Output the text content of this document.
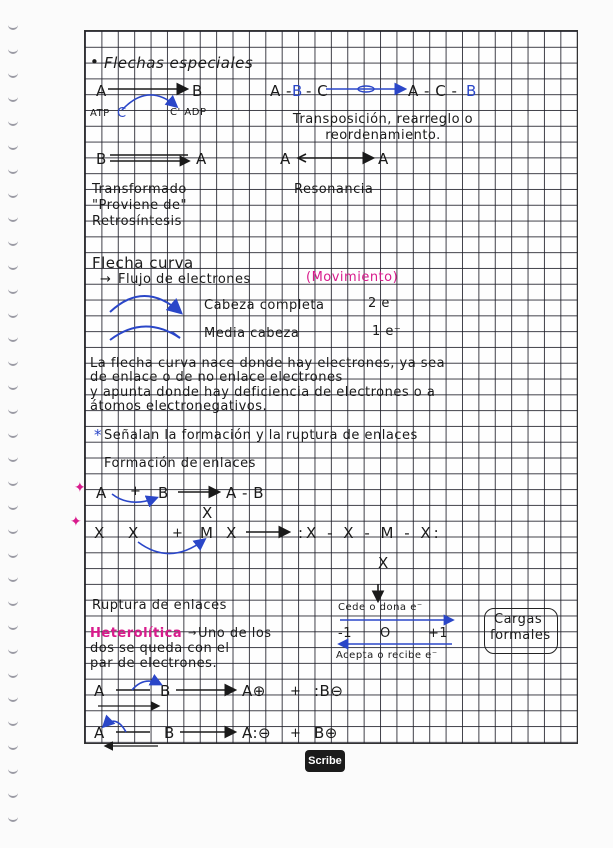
• Flechas especiales
A	B
ATP C	C' ADP
A - B - C	A - C - B
Transposición, rearreglo o reordenamiento.
B	A	A	A
Transformado
"Proviene de"
Retrosíntesis
Resonancia
Flecha curva
→ Flujo de electrones	(Movimiento)
Cabeza completa	2 e⁻
Media cabeza	1 e⁻
La flecha curva nace donde hay electrones, ya sea
de enlace o de no enlace electrones
y apunta donde hay deficiencia de electrones o a
átomos electronegativos.
* Señalan la formación y la ruptura de enlaces
Formación de enlaces
A + B	A - B
X X	+ M X
X
:X - X - M - X:
X
Ruptura de enlaces
Heterolítica → Uno de los
dos se queda con el
par de electrones.
Cede o dona e⁻
-1 O	+1
Acepta o recibe e⁻
Cargas
formales
A	B	A⊕ + :B⊖
A	B	A:⊖ + B⊕
✦
✦
Scribe
